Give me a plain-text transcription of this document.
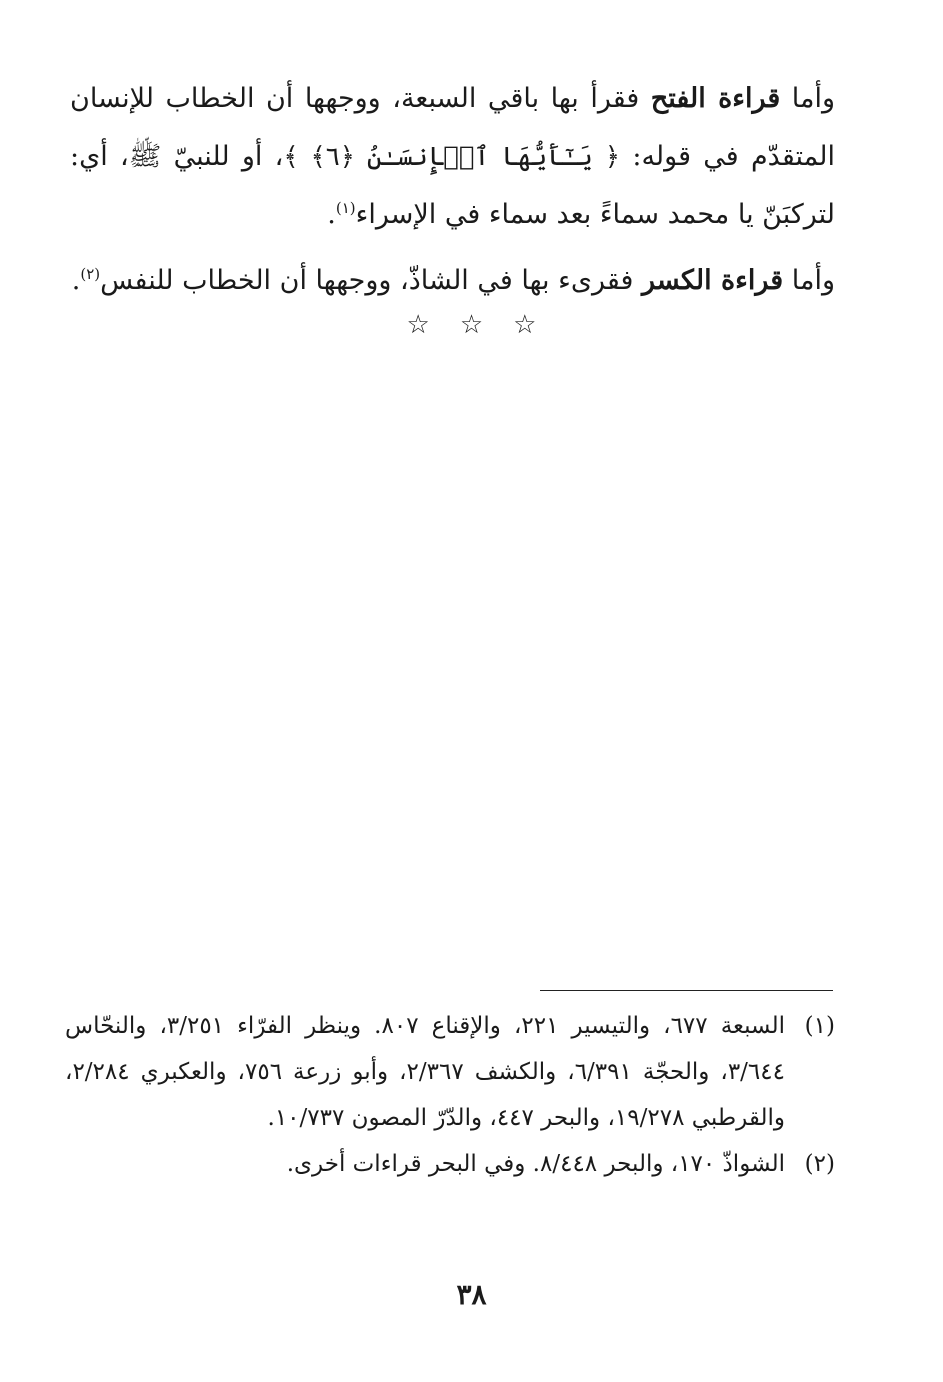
وأما قراءة الفتح فقرأ بها باقي السبعة، ووجهها أن الخطاب للإنسان المتقدّم في قوله: ﴿ يَـٰٓأَيُّهَا ٱلۡإِنسَـٰنُ ﴿٦﴾ ﴾، أو للنبيّ ﷺ، أي: لتركبَنّ يا محمد سماءً بعد سماء في الإسراء$^{(١)}$.

وأما قراءة الكسر فقرىء بها في الشاذّ، ووجهها أن الخطاب للنفس$^{(٢)}$.

☆ ☆ ☆
(١)
السبعة ٦٧٧، والتيسير ٢٢١، والإقناع ٨٠٧. وينظر الفرّاء ٣/٢٥١، والنحّاس ٣/٦٤٤، والحجّة ٦/٣٩١، والكشف ٢/٣٦٧، وأبو زرعة ٧٥٦، والعكبري ٢/٢٨٤، والقرطبي ١٩/٢٧٨، والبحر ٤٤٧، والدّرّ المصون ١٠/٧٣٧.
(٢)
الشواذّ ١٧٠، والبحر ٨/٤٤٨. وفي البحر قراءات أخرى.
٣٨
